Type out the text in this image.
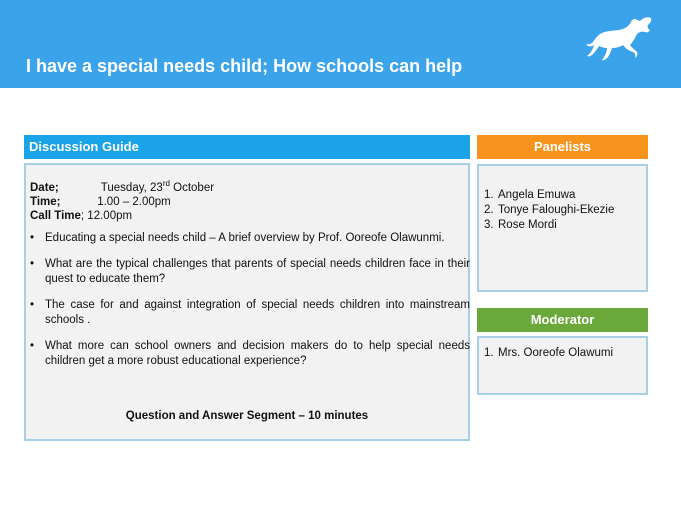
I have a special needs child; How schools can help
Discussion Guide
Date;	Tuesday, 23rd October
Time;	1.00 – 2.00pm
Call Time; 12.00pm
• Educating a special needs child – A brief overview by Prof. Ooreofe Olawunmi.
• What are the typical challenges that parents of special needs children face in their quest to educate them?
• The case for and against integration of special needs children into mainstream schools .
• What more can school owners and decision makers do to help special needs children get a more robust educational experience?
Question and Answer Segment – 10 minutes
Panelists
1. Angela Emuwa
2. Tonye Faloughi-Ekezie
3. Rose Mordi
Moderator
1. Mrs. Ooreofe Olawumi
